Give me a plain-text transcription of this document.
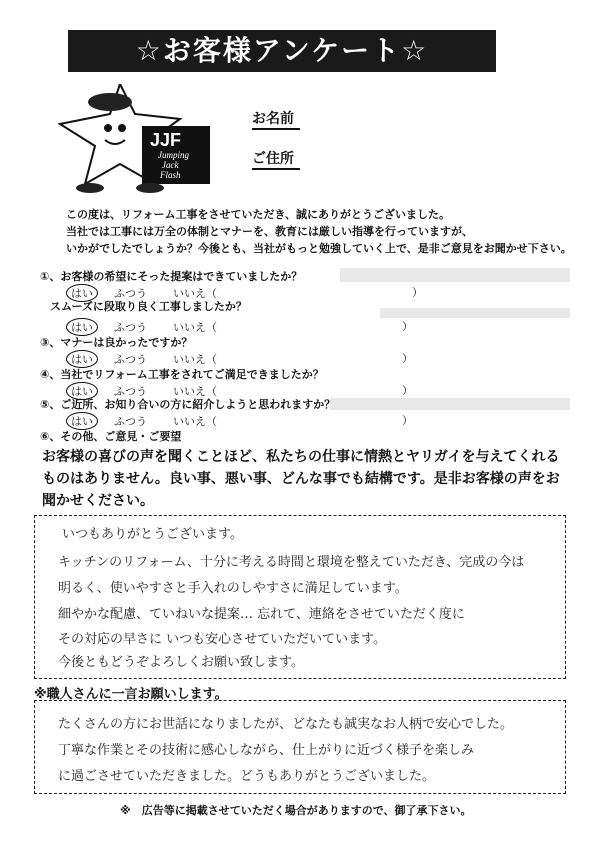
☆お客様アンケート☆
JJF
Jumping
Jack
Flash
お名前
ご住所
この度は、リフォーム工事をさせていただき、誠にありがとうございました。
当社では工事には万全の体制とマナーを、教育には厳しい指導を行っていますが、
いかがでしたでしょうか？今後とも、当社がもっと勉強していく上で、是非ご意見をお聞かせ下さい。
①、お客様の希望にそった提案はできていましたか？
はい ふつう いいえ（	）
スムーズに段取り良く工事しましたか？
はい ふつう いいえ（	）
③、マナーは良かったですか？
はい ふつう いいえ（	）
④、当社でリフォーム工事をされてご満足できましたか？
はい ふつう いいえ（	）
⑤、ご近所、お知り合いの方に紹介しようと思われますか？
はい ふつう いいえ（	）
⑥、その他、ご意見・ご要望
お客様の喜びの声を聞くことほど、私たちの仕事に情熱とヤリガイを与えてくれる
ものはありません。良い事、悪い事、どんな事でも結構です。是非お客様の声をお
聞かせください。
いつもありがとうございます。
キッチンのリフォーム、十分に考える時間と環境を整えていただき、完成の今は
明るく、使いやすさと手入れのしやすさに満足しています。
細やかな配慮、ていねいな提案… 忘れて、連絡をさせていただく度に
その対応の早さに いつも安心させていただいています。
今後ともどうぞよろしくお願い致します。
※職人さんに一言お願いします。
たくさんの方にお世話になりましたが、どなたも誠実なお人柄で安心でした。
丁寧な作業とその技術に感心しながら、仕上がりに近づく様子を楽しみ
に過ごさせていただきました。どうもありがとうございました。
※　広告等に掲載させていただく場合がありますので、御了承下さい。
